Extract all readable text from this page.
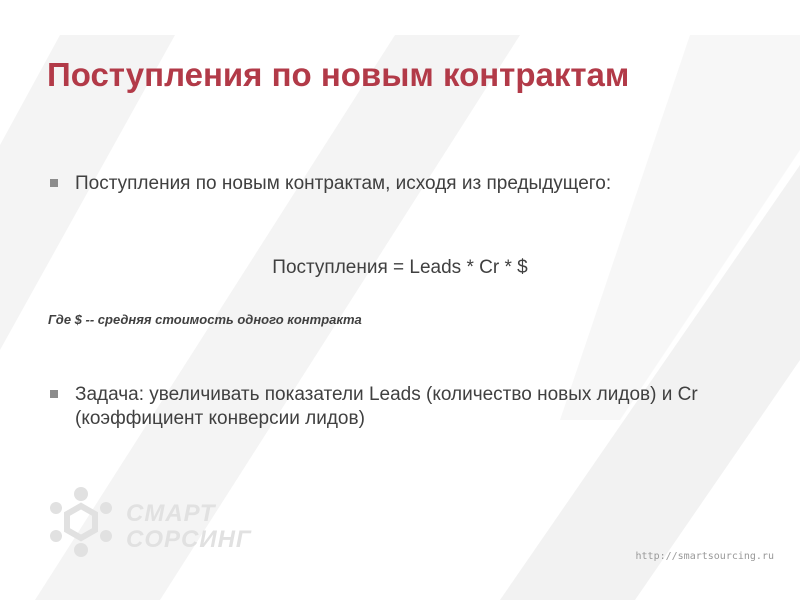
Поступления по новым контрактам
Поступления по новым контрактам, исходя из предыдущего:
Поступления = Leads * Cr * $
Где $ -- средняя стоимость одного контракта
Задача: увеличивать показатели Leads (количество новых лидов) и Cr (коэффициент конверсии лидов)
СМАРТ
СОРСИНГ
http://smartsourcing.ru
